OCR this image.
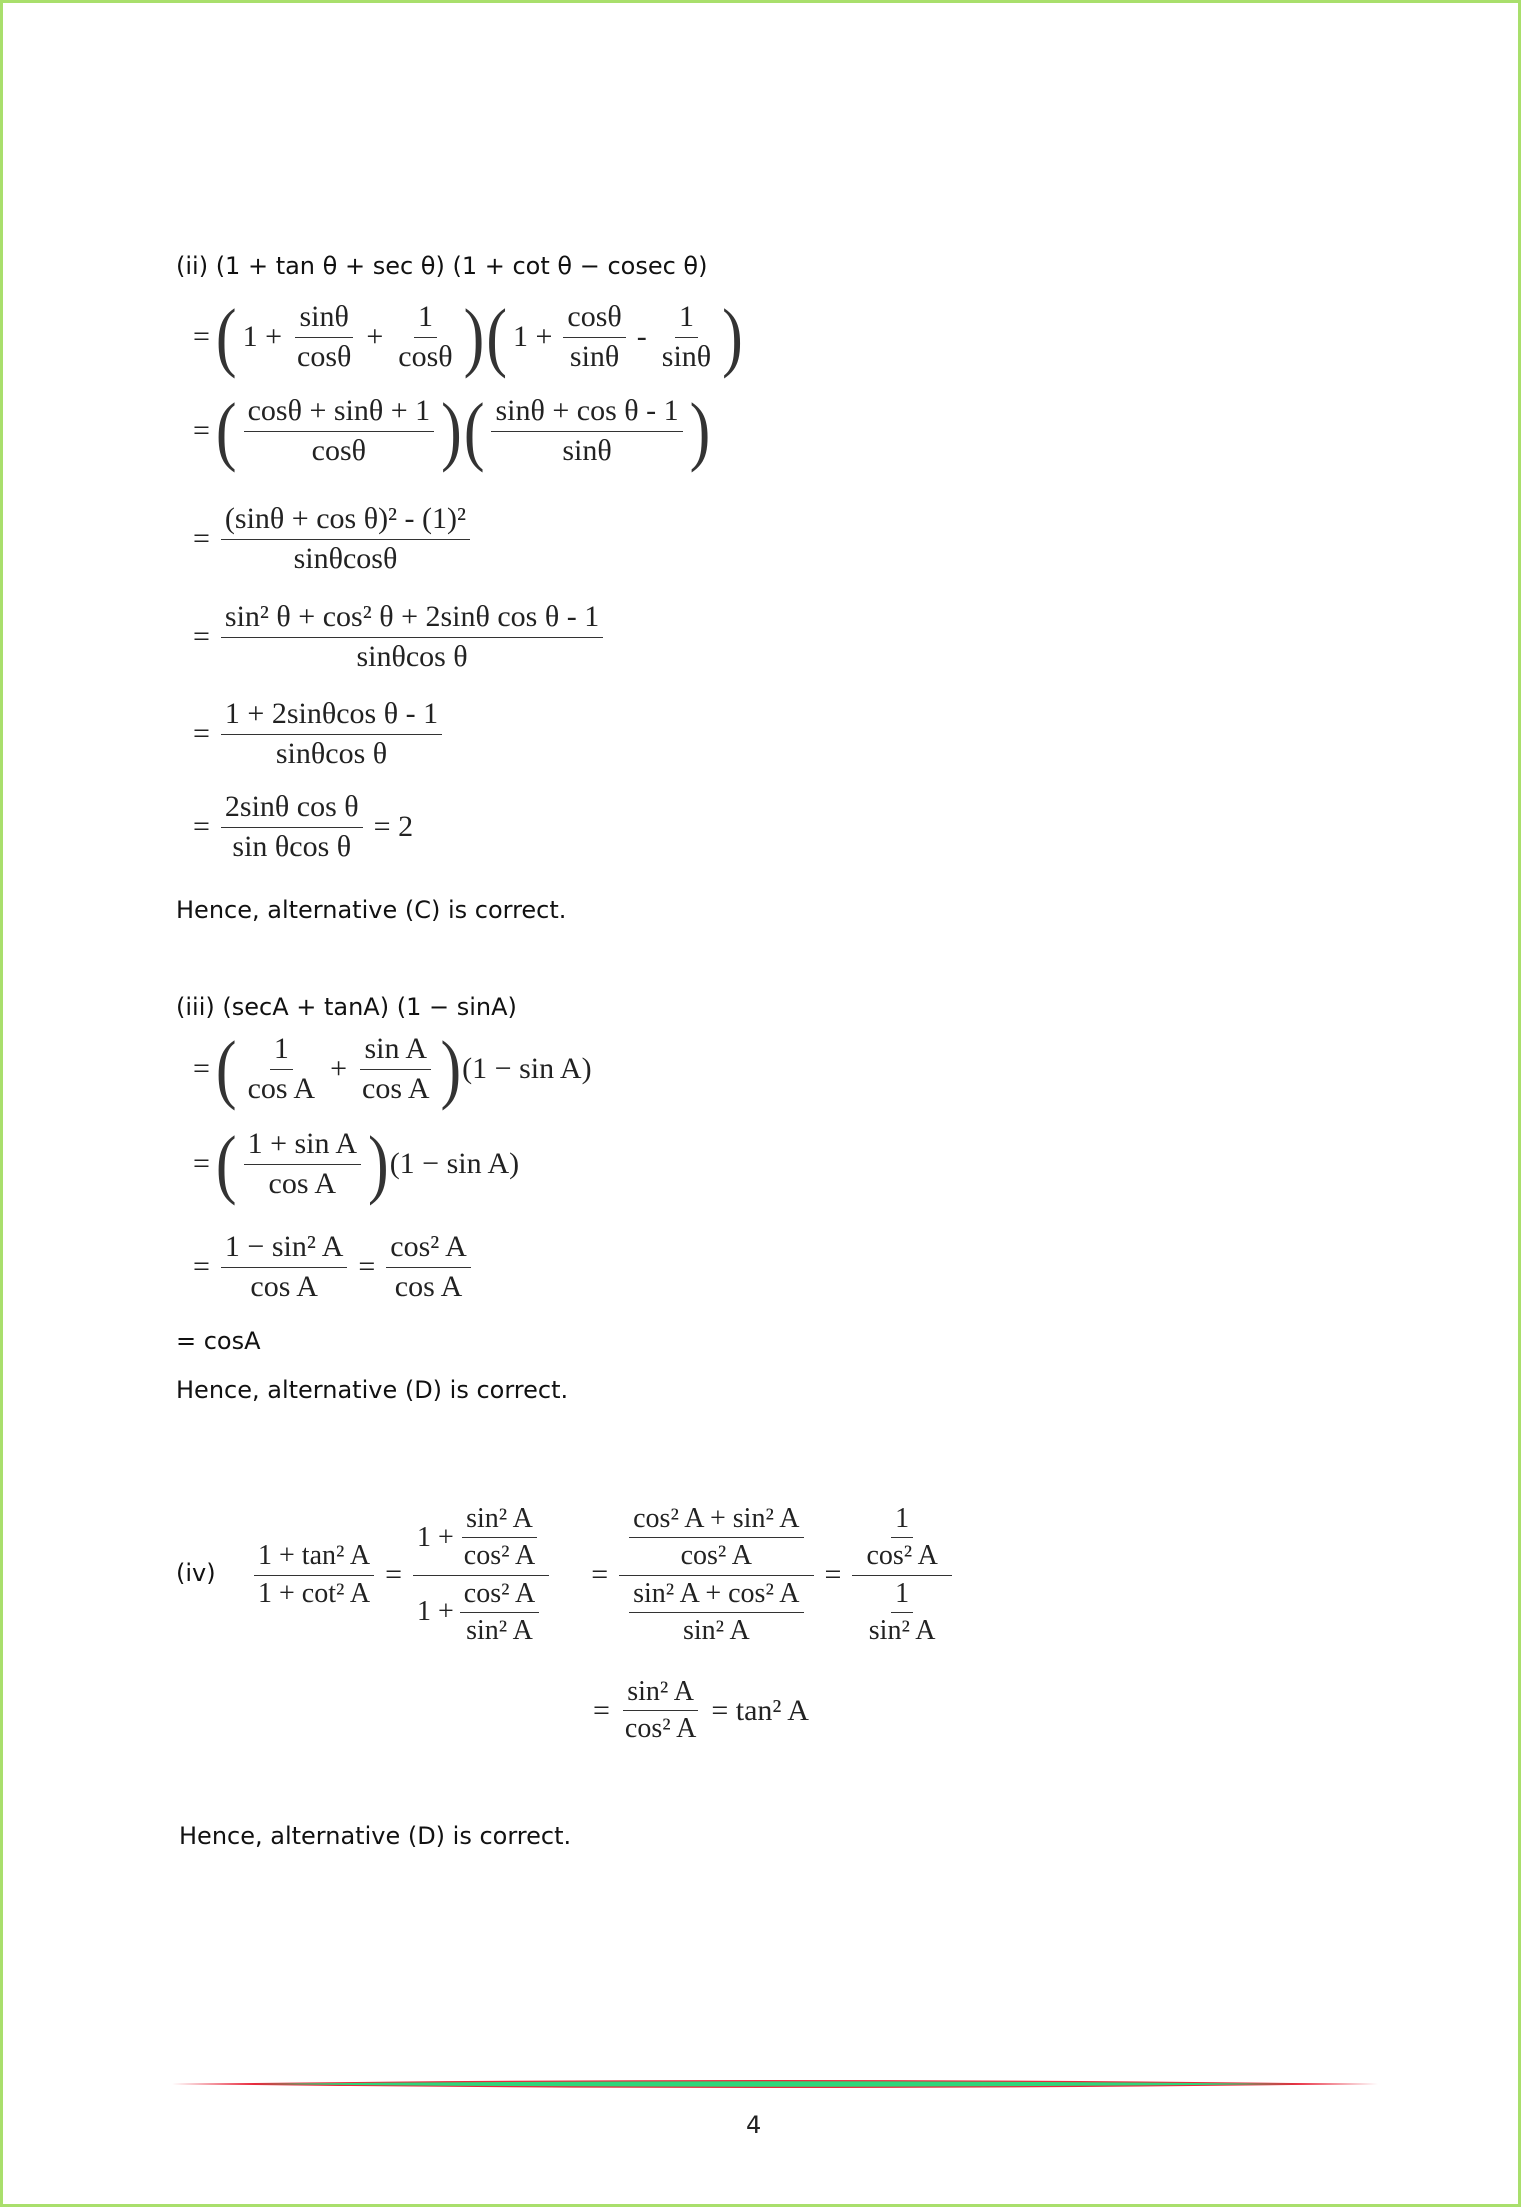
(ii) (1 + tan θ + sec θ) (1 + cot θ − cosec θ)
= ( $1 + \frac{\sin\theta}{\cos\theta} + \frac{1}{\cos\theta}$ ) ( $1 + \frac{\cos\theta}{\sin\theta} - \frac{1}{\sin\theta}$ )
= ( $\frac{\cos\theta + \sin\theta + 1}{\cos\theta}$ ) ( $\frac{\text{sinθ + cos θ - 1}}{\sin\theta}$ )
= $\frac{\text{(sinθ + cos θ)² - (1)²}}{\sin\theta\cos\theta}$
= $\frac{\text{sin² θ + cos² θ + 2sinθ cos θ - 1}}{\text{sinθcos θ}}$
= $\frac{\text{1 + 2sinθcos θ - 1}}{\text{sinθcos θ}}$
= $\frac{\text{2sinθ cos θ}}{\text{sin θcos θ}} = 2$
Hence, alternative (C) is correct.
(iii) (secA + tanA) (1 − sinA)
= ( $\frac{1}{\text{cos A}} + \frac{\text{sin A}}{\text{cos A}}$ ) (1 − sin A)
= ( $\frac{\text{1 + sin A}}{\text{cos A}}$ ) (1 − sin A)
= $\frac{\text{1 − sin² A}}{\text{cos A}} = \frac{\text{cos² A}}{\text{cos A}}$
= cosA
Hence, alternative (D) is correct.
$(iv) \frac{\text{1 + tan² A}}{\text{1 + cot² A}} = \frac{1 + \frac{\text{sin² A}}{\text{cos² A}}}{1 + \frac{\text{cos² A}}{\text{sin² A}}} = \frac{\frac{\text{cos² A + sin² A}}{\text{cos² A}}}{\frac{\text{sin² A + cos² A}}{\text{sin² A}}} = \frac{\frac{1}{\text{cos² A}}}{\frac{1}{\text{sin² A}}}$
= $\frac{\text{sin² A}}{\text{cos² A}} = \tan^2$ A
Hence, alternative (D) is correct.
4
